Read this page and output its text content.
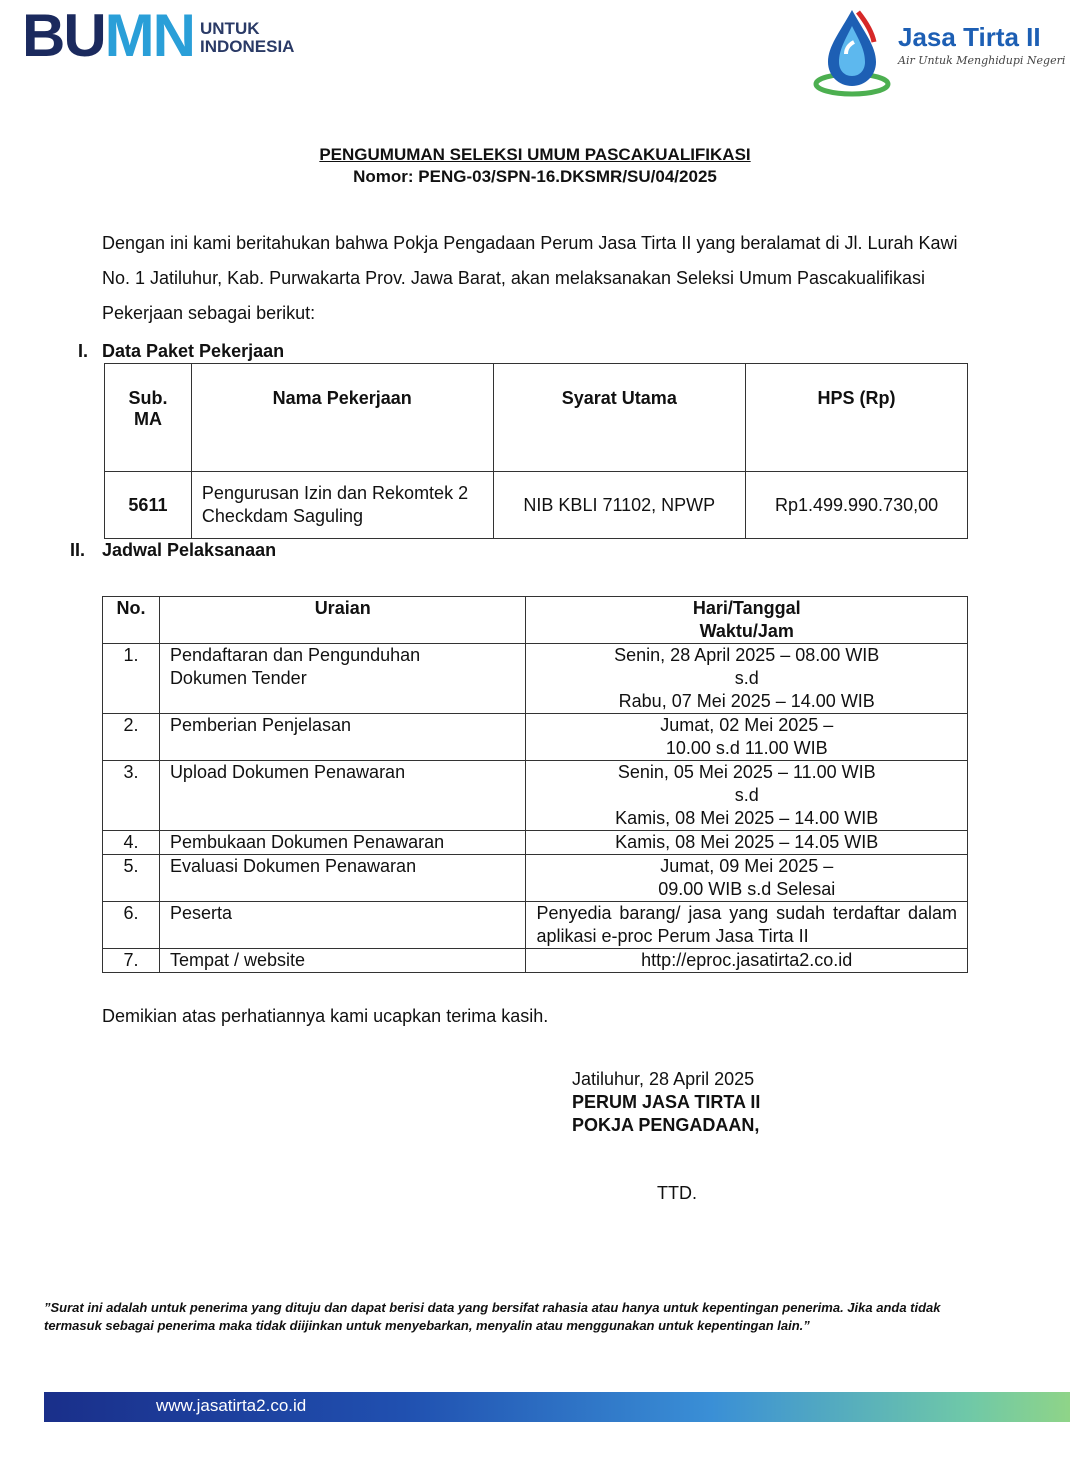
BUMN UNTUK
INDONESIA	Jasa Tirta II
Air Untuk Menghidupi Negeri
PENGUMUMAN SELEKSI UMUM PASCAKUALIFIKASI
Nomor: PENG-03/SPN-16.DKSMR/SU/04/2025
Dengan ini kami beritahukan bahwa Pokja Pengadaan Perum Jasa Tirta II yang beralamat di Jl. Lurah Kawi No. 1 Jatiluhur, Kab. Purwakarta Prov. Jawa Barat, akan melaksanakan Seleksi Umum Pascakualifikasi Pekerjaan sebagai berikut:
I. Data Paket Pekerjaan
Sub. MA	Nama Pekerjaan	Syarat Utama	HPS (Rp)
5611	Pengurusan Izin dan Rekomtek 2 Checkdam Saguling	NIB KBLI 71102, NPWP	Rp1.499.990.730,00
II. Jadwal Pelaksanaan
No.	Uraian	Hari/Tanggal
Waktu/Jam

1.	Pendaftaran dan Pengunduhan Dokumen Tender	Senin, 28 April 2025 – 08.00 WIB
s.d
Rabu, 07 Mei 2025 – 14.00 WIB

2.	Pemberian Penjelasan	Jumat, 02 Mei 2025 –
10.00 s.d 11.00 WIB

3.	Upload Dokumen Penawaran	Senin, 05 Mei 2025 – 11.00 WIB
s.d
Kamis, 08 Mei 2025 – 14.00 WIB

4.	Pembukaan Dokumen Penawaran	Kamis, 08 Mei 2025 – 14.05 WIB

5.	Evaluasi Dokumen Penawaran	Jumat, 09 Mei 2025 –
09.00 WIB s.d Selesai

6.	Peserta	Penyedia barang/ jasa yang sudah terdaftar dalam aplikasi e-proc Perum Jasa Tirta II

7.	Tempat / website	http://eproc.jasatirta2.co.id
Demikian atas perhatiannya kami ucapkan terima kasih.
Jatiluhur, 28 April 2025
PERUM JASA TIRTA II
POKJA PENGADAAN,
TTD.
”Surat ini adalah untuk penerima yang dituju dan dapat berisi data yang bersifat rahasia atau hanya untuk kepentingan penerima. Jika anda tidak termasuk sebagai penerima maka tidak diijinkan untuk menyebarkan, menyalin atau menggunakan untuk kepentingan lain.”
www.jasatirta2.co.id
